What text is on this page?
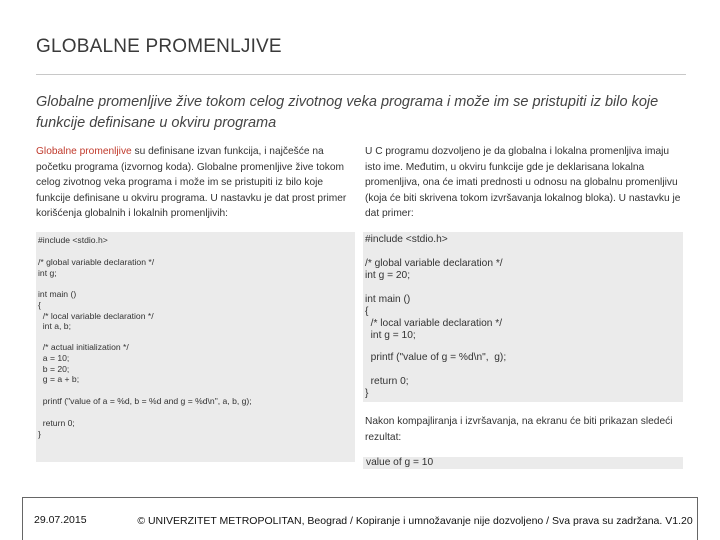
GLOBALNE PROMENLJIVE
Globalne promenljive žive tokom celog zivotnog veka programa i može im se pristupiti iz bilo koje funkcije definisane u okviru programa
Globalne promenljive su definisane izvan funkcija, i najčešće na početku programa (izvornog koda). Globalne promenljive žive tokom celog zivotnog veka programa i može im se pristupiti iz bilo koje funkcije definisane u okviru programa. U nastavku je dat prost primer korišćenja globalnih i lokalnih promenljivih:
U C programu dozvoljeno je da globalna i lokalna promenljiva imaju isto ime. Međutim, u okviru funkcije gde je deklarisana lokalna promenljiva, ona će imati prednosti u odnosu na globalnu promenljivu (koja će biti skrivena tokom izvršavanja lokalnog bloka). U nastavku je dat primer:

#include <stdio.h>

/* global variable declaration */
int g;

int main ()
{
/* local variable declaration */
int a, b;

/* actual initialization */
a = 10;
b = 20;
g = a + b;

printf ("value of a = %d, b = %d and g = %d\n", a, b, g);

return 0;
}

#include <stdio.h>

/* global variable declaration */
int g = 20;

int main ()
{
/* local variable declaration */
int g = 10;

printf ("value of g = %d\n",  g);

return 0;
}

Nakon kompajliranja i izvršavanja, na ekranu će biti prikazan sledeći rezultat:
value of g = 10
29.07.2015	© UNIVERZITET METROPOLITAN, Beograd / Kopiranje i umnožavanje nije dozvoljeno / Sva prava su zadržana. V1.20
